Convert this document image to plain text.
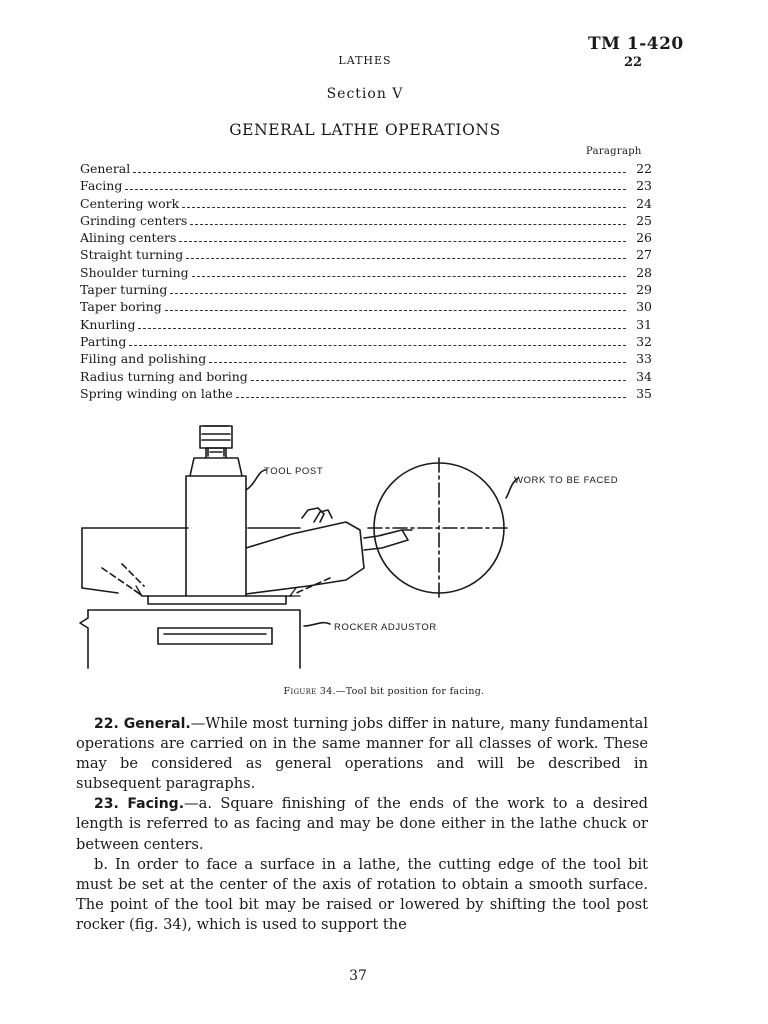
TM 1-420
22
LATHES
Section V
GENERAL LATHE OPERATIONS
Paragraph
General	22
Facing	23
Centering work	24
Grinding centers	25
Alining centers	26
Straight turning	27
Shoulder turning	28
Taper turning	29
Taper boring	30
Knurling	31
Parting	32
Filing and polishing	33
Radius turning and boring	34
Spring winding on lathe	35
TOOL POST
WORK TO BE FACED
ROCKER ADJUSTOR
Figure 34.—Tool bit position for facing.

22. General.—While most turning jobs differ in nature, many fundamental operations are carried on in the same manner for all classes of work. These may be considered as general operations and will be described in subsequent paragraphs.

23. Facing.—a. Square finishing of the ends of the work to a desired length is referred to as facing and may be done either in the lathe chuck or between centers.

b. In order to face a surface in a lathe, the cutting edge of the tool bit must be set at the center of the axis of rotation to obtain a smooth surface. The point of the tool bit may be raised or lowered by shifting the tool post rocker (fig. 34), which is used to support the

37
